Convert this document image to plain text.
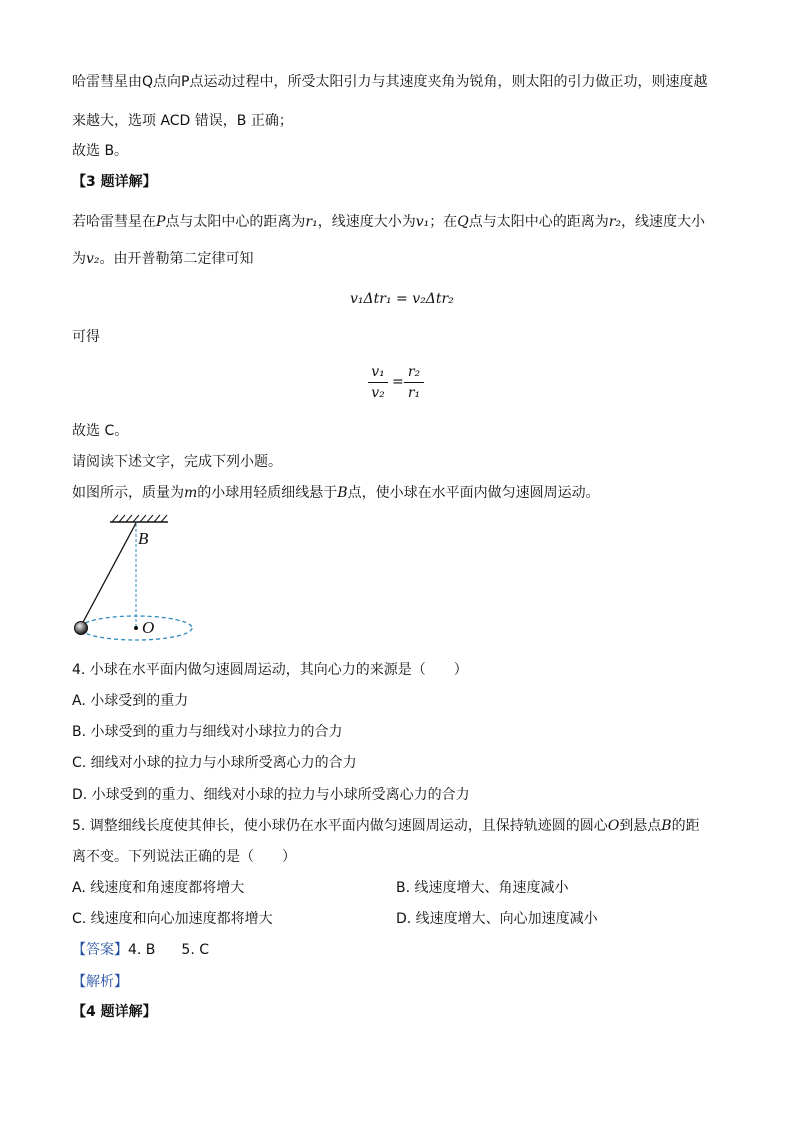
哈雷彗星由Q点向P点运动过程中，所受太阳引力与其速度夹角为锐角，则太阳的引力做正功，则速度越
来越大，选项 ACD 错误，B 正确；
故选 B。
【3 题详解】
若哈雷彗星在P点与太阳中心的距离为r₁，线速度大小为v₁；在Q点与太阳中心的距离为r₂，线速度大小
为v₂。由开普勒第二定律可知
v₁Δtr₁ = v₂Δtr₂
可得
v₁
v₂
=
r₂
r₁
故选 C。
请阅读下述文字，完成下列小题。
如图所示，质量为m的小球用轻质细线悬于B点，使小球在水平面内做匀速圆周运动。
B
O
4. 小球在水平面内做匀速圆周运动，其向心力的来源是（　　）
A. 小球受到的重力
B. 小球受到的重力与细线对小球拉力的合力
C. 细线对小球的拉力与小球所受离心力的合力
D. 小球受到的重力、细线对小球的拉力与小球所受离心力的合力
5. 调整细线长度使其伸长，使小球仍在水平面内做匀速圆周运动，且保持轨迹圆的圆心O到悬点B的距
离不变。下列说法正确的是（　　）
A. 线速度和角速度都将增大	B. 线速度增大、角速度减小
C. 线速度和向心加速度都将增大	D. 线速度增大、向心加速度减小
【答案】4. B 5. C
【解析】
【4 题详解】
